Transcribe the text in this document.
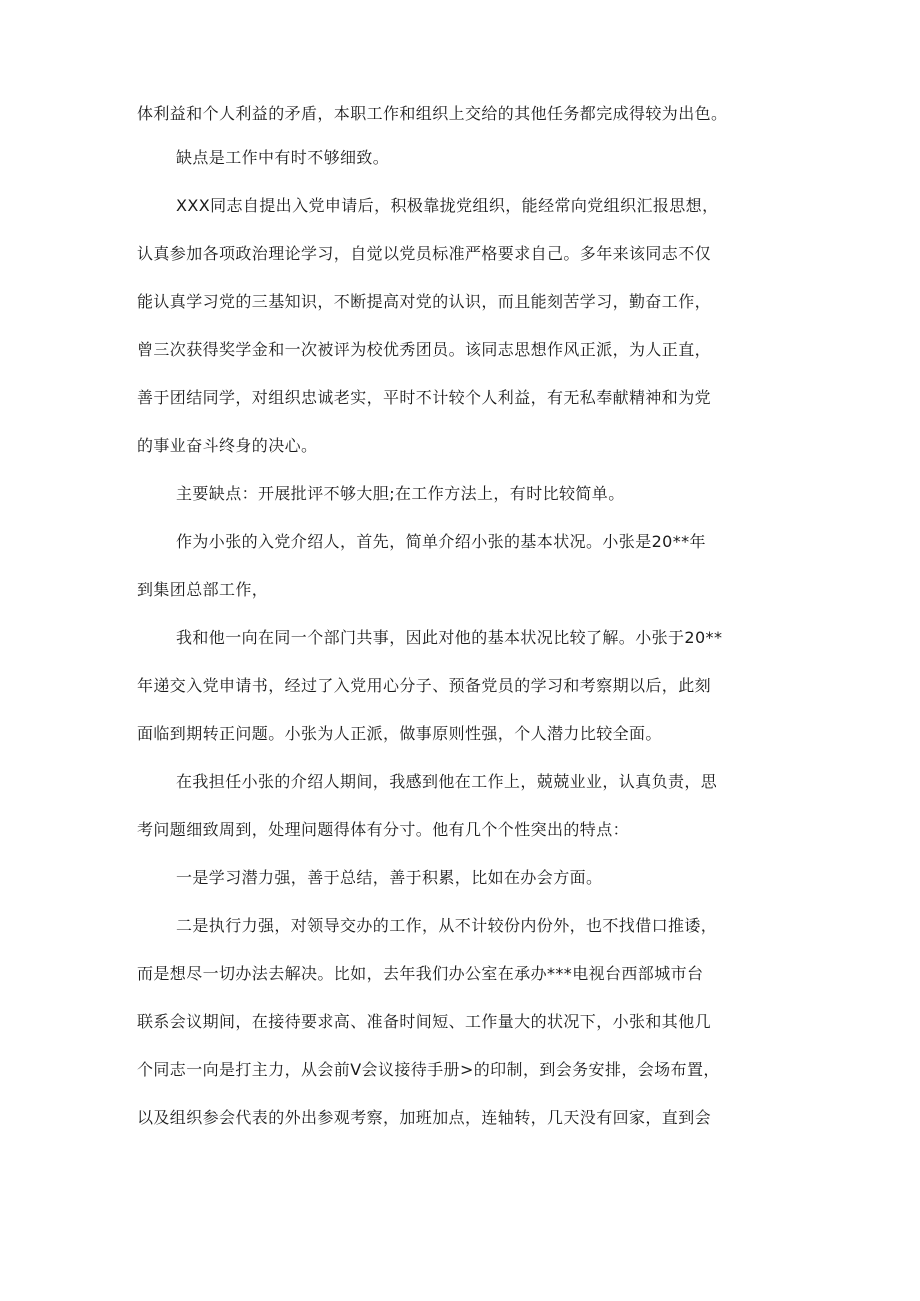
体利益和个人利益的矛盾，本职工作和组织上交给的其他任务都完成得较为出色。
缺点是工作中有时不够细致。
XXX同志自提出入党申请后，积极靠拢党组织，能经常向党组织汇报思想，
认真参加各项政治理论学习，自觉以党员标准严格要求自己。多年来该同志不仅
能认真学习党的三基知识，不断提高对党的认识，而且能刻苦学习，勤奋工作，
曾三次获得奖学金和一次被评为校优秀团员。该同志思想作风正派，为人正直，
善于团结同学，对组织忠诚老实，平时不计较个人利益，有无私奉献精神和为党
的事业奋斗终身的决心。
主要缺点：开展批评不够大胆;在工作方法上，有时比较简单。
作为小张的入党介绍人，首先，简单介绍小张的基本状况。小张是20**年
到集团总部工作，
我和他一向在同一个部门共事，因此对他的基本状况比较了解。小张于20**
年递交入党申请书，经过了入党用心分子、预备党员的学习和考察期以后，此刻
面临到期转正问题。小张为人正派，做事原则性强，个人潜力比较全面。
在我担任小张的介绍人期间，我感到他在工作上，兢兢业业，认真负责，思
考问题细致周到，处理问题得体有分寸。他有几个个性突出的特点：
一是学习潜力强，善于总结，善于积累，比如在办会方面。
二是执行力强，对领导交办的工作，从不计较份内份外，也不找借口推诿，
而是想尽一切办法去解决。比如，去年我们办公室在承办***电视台西部城市台
联系会议期间，在接待要求高、准备时间短、工作量大的状况下，小张和其他几
个同志一向是打主力，从会前V会议接待手册>的印制，到会务安排，会场布置，
以及组织参会代表的外出参观考察，加班加点，连轴转，几天没有回家，直到会
